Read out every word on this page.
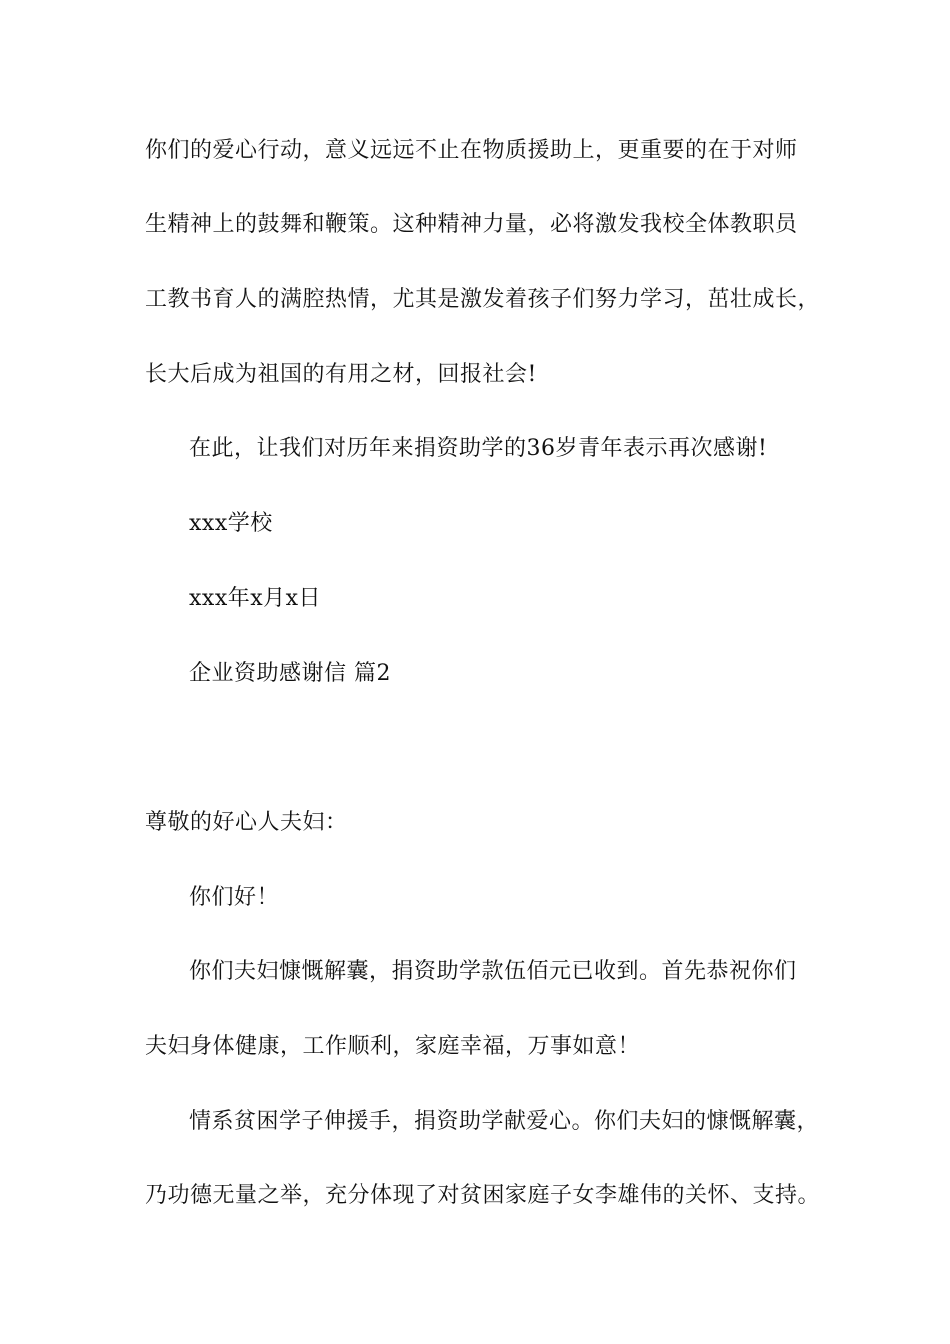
你们的爱心行动，意义远远不止在物质援助上，更重要的在于对师
生精神上的鼓舞和鞭策。这种精神力量，必将激发我校全体教职员
工教书育人的满腔热情，尤其是激发着孩子们努力学习，茁壮成长，
长大后成为祖国的有用之材，回报社会!
在此，让我们对历年来捐资助学的36岁青年表示再次感谢!
xxx学校
xxx年x月x日
企业资助感谢信 篇2
尊敬的好心人夫妇：
你们好！
你们夫妇慷慨解囊，捐资助学款伍佰元已收到。首先恭祝你们
夫妇身体健康，工作顺利，家庭幸福，万事如意！
情系贫困学子伸援手，捐资助学献爱心。你们夫妇的慷慨解囊，
乃功德无量之举，充分体现了对贫困家庭子女李雄伟的关怀、支持。
